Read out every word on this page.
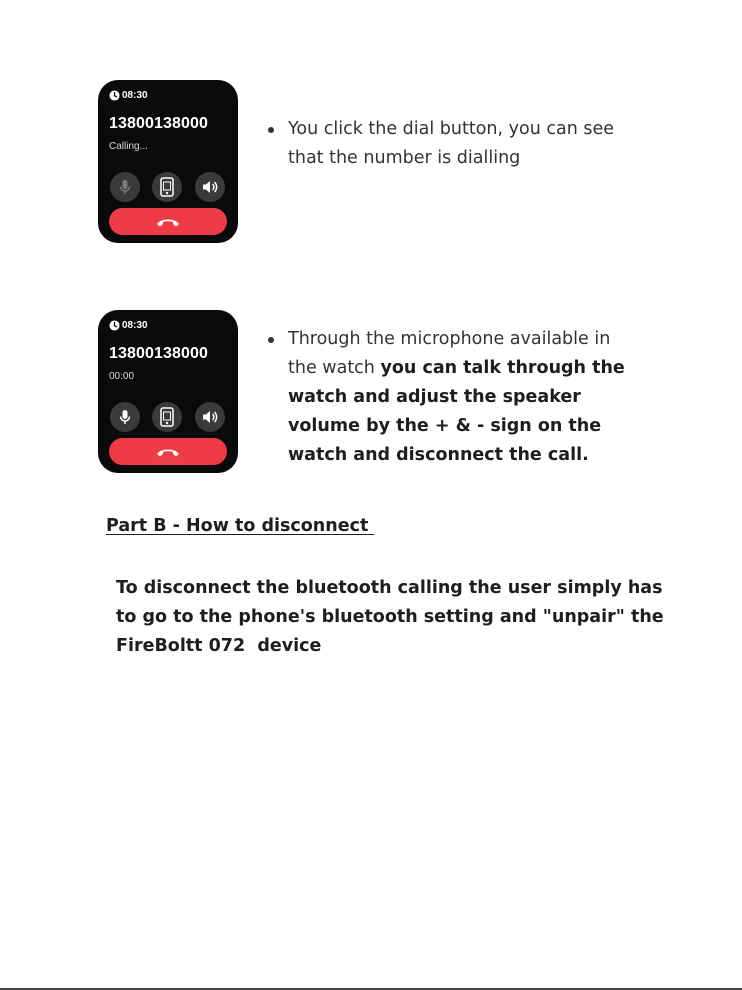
08:30
13800138000
Calling...
You click the dial button, you can see that the number is dialling
08:30
13800138000
00:00
Through the microphone available in the watch you can talk through the watch and adjust the speaker volume by the + & - sign on the watch and disconnect the call.
Part B - How to disconnect
To disconnect the bluetooth calling the user simply has
to go to the phone's bluetooth setting and "unpair" the
FireBoltt 072  device
